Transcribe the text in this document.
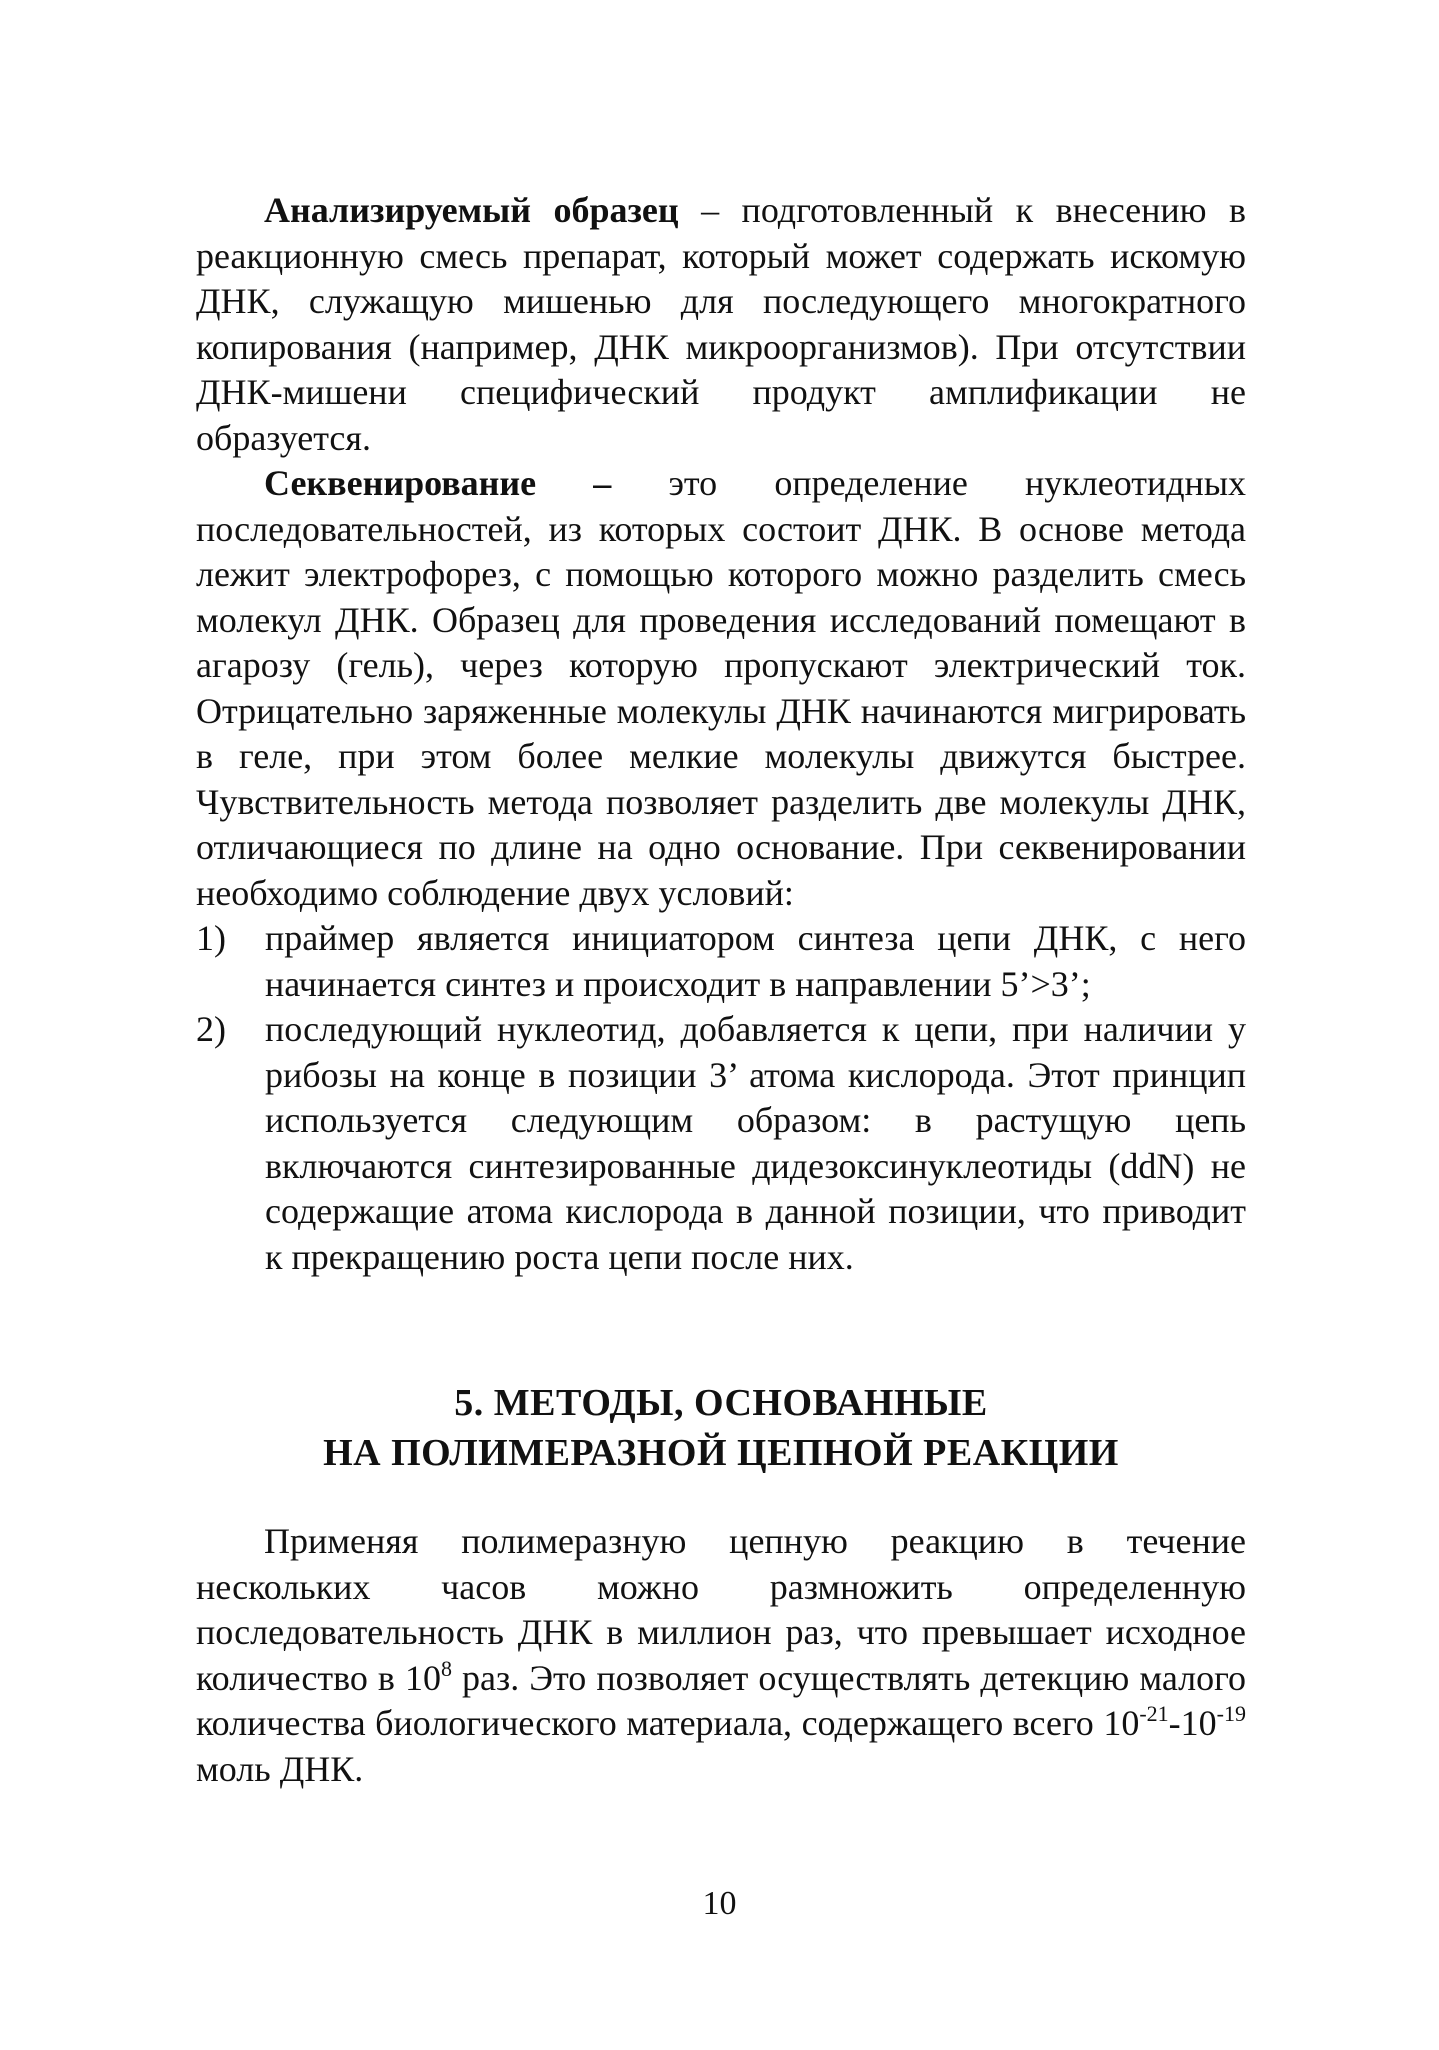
Анализируемый образец – подготовленный к внесению в реакционную смесь препарат, который может содержать искомую ДНК, служащую мишенью для последующего многократного копирования (например, ДНК микроорганизмов). При отсутствии ДНК-мишени специфический продукт амплификации не образуется.

Секвенирование – это определение нуклеотидных последовательностей, из которых состоит ДНК. В основе метода лежит электрофорез, с помощью которого можно разделить смесь молекул ДНК. Образец для проведения исследований помещают в агарозу (гель), через которую пропускают электрический ток. Отрицательно заряженные молекулы ДНК начинаются мигрировать в геле, при этом более мелкие молекулы движутся быстрее. Чувствительность метода позволяет разделить две молекулы ДНК, отличающиеся по длине на одно основание. При секвенировании необходимо соблюдение двух условий:

1) праймер является инициатором синтеза цепи ДНК, с него начинается синтез и происходит в направлении 5’>3’;
2) последующий нуклеотид, добавляется к цепи, при наличии у рибозы на конце в позиции 3’ атома кислорода. Этот принцип используется следующим образом: в растущую цепь включаются синтезированные дидезоксинуклеотиды (ddN) не содержащие атома кислорода в данной позиции, что приводит к прекращению роста цепи после них.
5. МЕТОДЫ, ОСНОВАННЫЕ
НА ПОЛИМЕРАЗНОЙ ЦЕПНОЙ РЕАКЦИИ

Применяя полимеразную цепную реакцию в течение нескольких часов можно размножить определенную последовательность ДНК в миллион раз, что превышает исходное количество в $10^8$ раз. Это позволяет осуществлять детекцию малого количества биологического материала, содержащего всего $10^{-21}-10^{-19}$ моль ДНК.

10
